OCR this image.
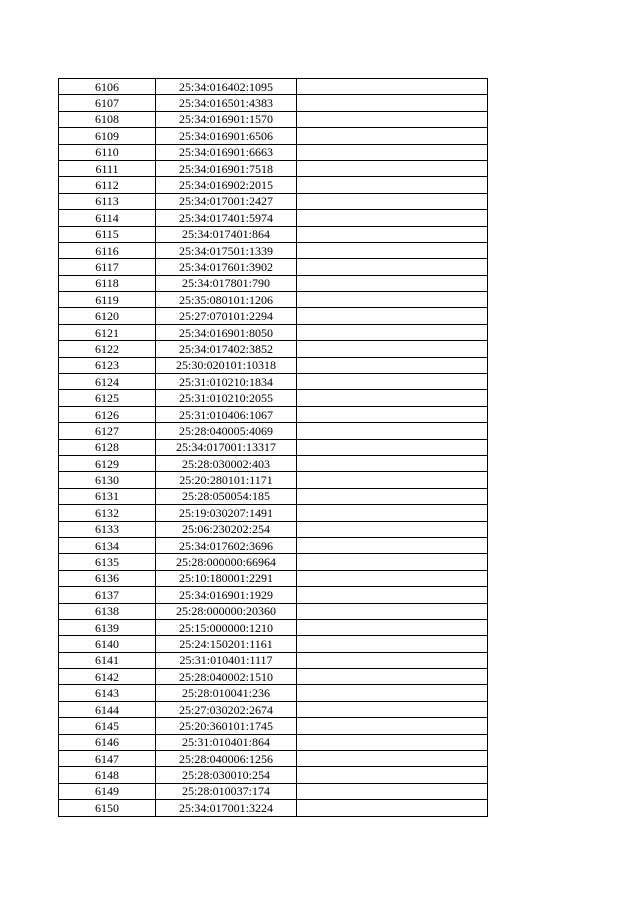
6106	25:34:016402:1095	
6107	25:34:016501:4383	
6108	25:34:016901:1570	
6109	25:34:016901:6506	
6110	25:34:016901:6663	
6111	25:34:016901:7518	
6112	25:34:016902:2015	
6113	25:34:017001:2427	
6114	25:34:017401:5974	
6115	25:34:017401:864	
6116	25:34:017501:1339	
6117	25:34:017601:3902	
6118	25:34:017801:790	
6119	25:35:080101:1206	
6120	25:27:070101:2294	
6121	25:34:016901:8050	
6122	25:34:017402:3852	
6123	25:30:020101:10318	
6124	25:31:010210:1834	
6125	25:31:010210:2055	
6126	25:31:010406:1067	
6127	25:28:040005:4069	
6128	25:34:017001:13317	
6129	25:28:030002:403	
6130	25:20:280101:1171	
6131	25:28:050054:185	
6132	25:19:030207:1491	
6133	25:06:230202:254	
6134	25:34:017602:3696	
6135	25:28:000000:66964	
6136	25:10:180001:2291	
6137	25:34:016901:1929	
6138	25:28:000000:20360	
6139	25:15:000000:1210	
6140	25:24:150201:1161	
6141	25:31:010401:1117	
6142	25:28:040002:1510	
6143	25:28:010041:236	
6144	25:27:030202:2674	
6145	25:20:360101:1745	
6146	25:31:010401:864	
6147	25:28:040006:1256	
6148	25:28:030010:254	
6149	25:28:010037:174	
6150	25:34:017001:3224	
